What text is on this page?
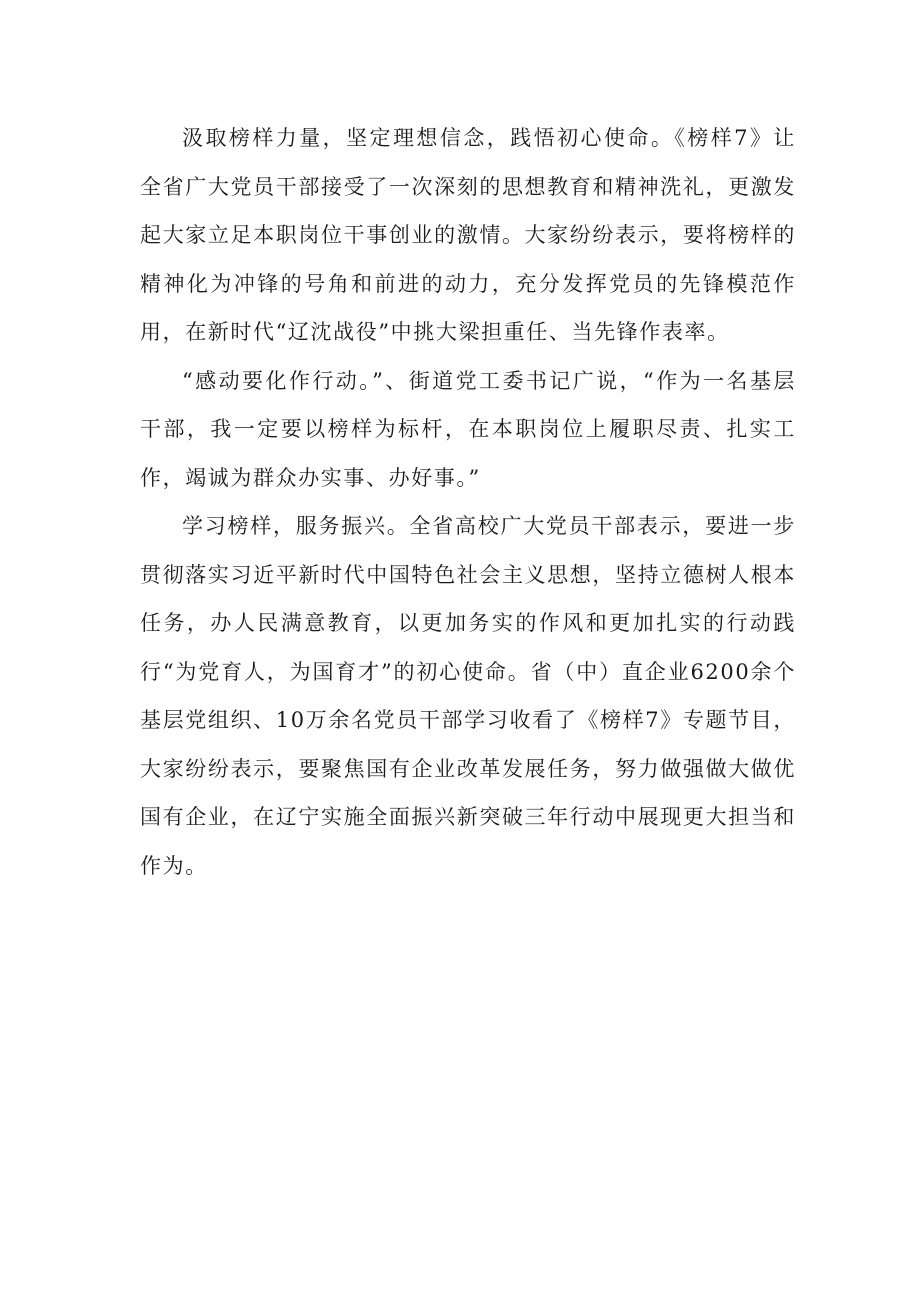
汲取榜样力量，坚定理想信念，践悟初心使命。《榜样7》让全省广大党员干部接受了一次深刻的思想教育和精神洗礼，更激发起大家立足本职岗位干事创业的激情。大家纷纷表示，要将榜样的精神化为冲锋的号角和前进的动力，充分发挥党员的先锋模范作用，在新时代“辽沈战役”中挑大梁担重任、当先锋作表率。

“感动要化作行动。”、街道党工委书记广说，“作为一名基层干部，我一定要以榜样为标杆，在本职岗位上履职尽责、扎实工作，竭诚为群众办实事、办好事。”

学习榜样，服务振兴。全省高校广大党员干部表示，要进一步贯彻落实习近平新时代中国特色社会主义思想，坚持立德树人根本任务，办人民满意教育，以更加务实的作风和更加扎实的行动践行“为党育人，为国育才”的初心使命。省（中）直企业6200余个基层党组织、10万余名党员干部学习收看了《榜样7》专题节目，大家纷纷表示，要聚焦国有企业改革发展任务，努力做强做大做优国有企业，在辽宁实施全面振兴新突破三年行动中展现更大担当和作为。
